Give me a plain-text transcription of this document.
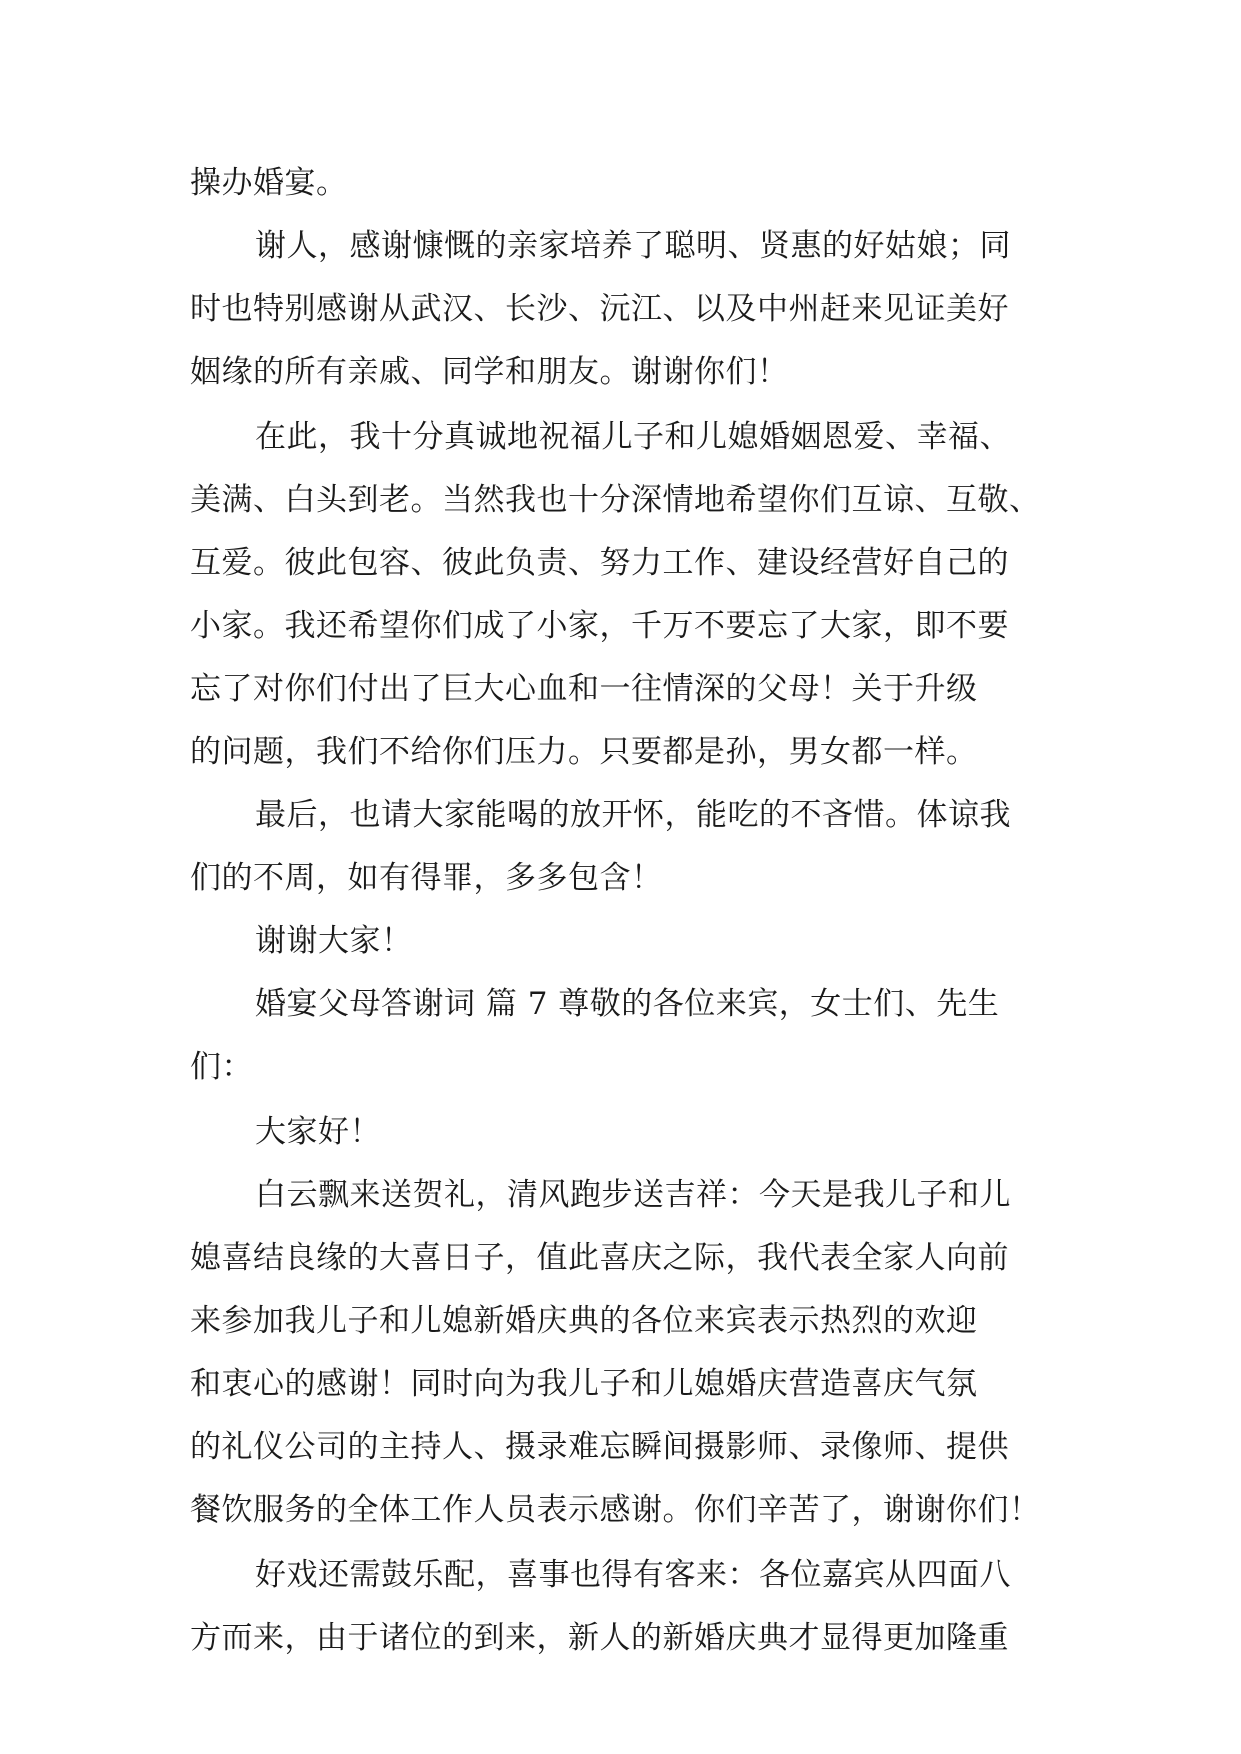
操办婚宴。
谢人，感谢慷慨的亲家培养了聪明、贤惠的好姑娘；同
时也特别感谢从武汉、长沙、沅江、以及中州赶来见证美好
姻缘的所有亲戚、同学和朋友。谢谢你们！
在此，我十分真诚地祝福儿子和儿媳婚姻恩爱、幸福、
美满、白头到老。当然我也十分深情地希望你们互谅、互敬、
互爱。彼此包容、彼此负责、努力工作、建设经营好自己的
小家。我还希望你们成了小家，千万不要忘了大家，即不要
忘了对你们付出了巨大心血和一往情深的父母！关于升级
的问题，我们不给你们压力。只要都是孙，男女都一样。
最后，也请大家能喝的放开怀，能吃的不吝惜。体谅我
们的不周，如有得罪，多多包含！
谢谢大家！
婚宴父母答谢词 篇 7 尊敬的各位来宾，女士们、先生
们：
大家好！
白云飘来送贺礼，清风跑步送吉祥：今天是我儿子和儿
媳喜结良缘的大喜日子，值此喜庆之际，我代表全家人向前
来参加我儿子和儿媳新婚庆典的各位来宾表示热烈的欢迎
和衷心的感谢！同时向为我儿子和儿媳婚庆营造喜庆气氛
的礼仪公司的主持人、摄录难忘瞬间摄影师、录像师、提供
餐饮服务的全体工作人员表示感谢。你们辛苦了，谢谢你们！
好戏还需鼓乐配，喜事也得有客来：各位嘉宾从四面八
方而来，由于诸位的到来，新人的新婚庆典才显得更加隆重
